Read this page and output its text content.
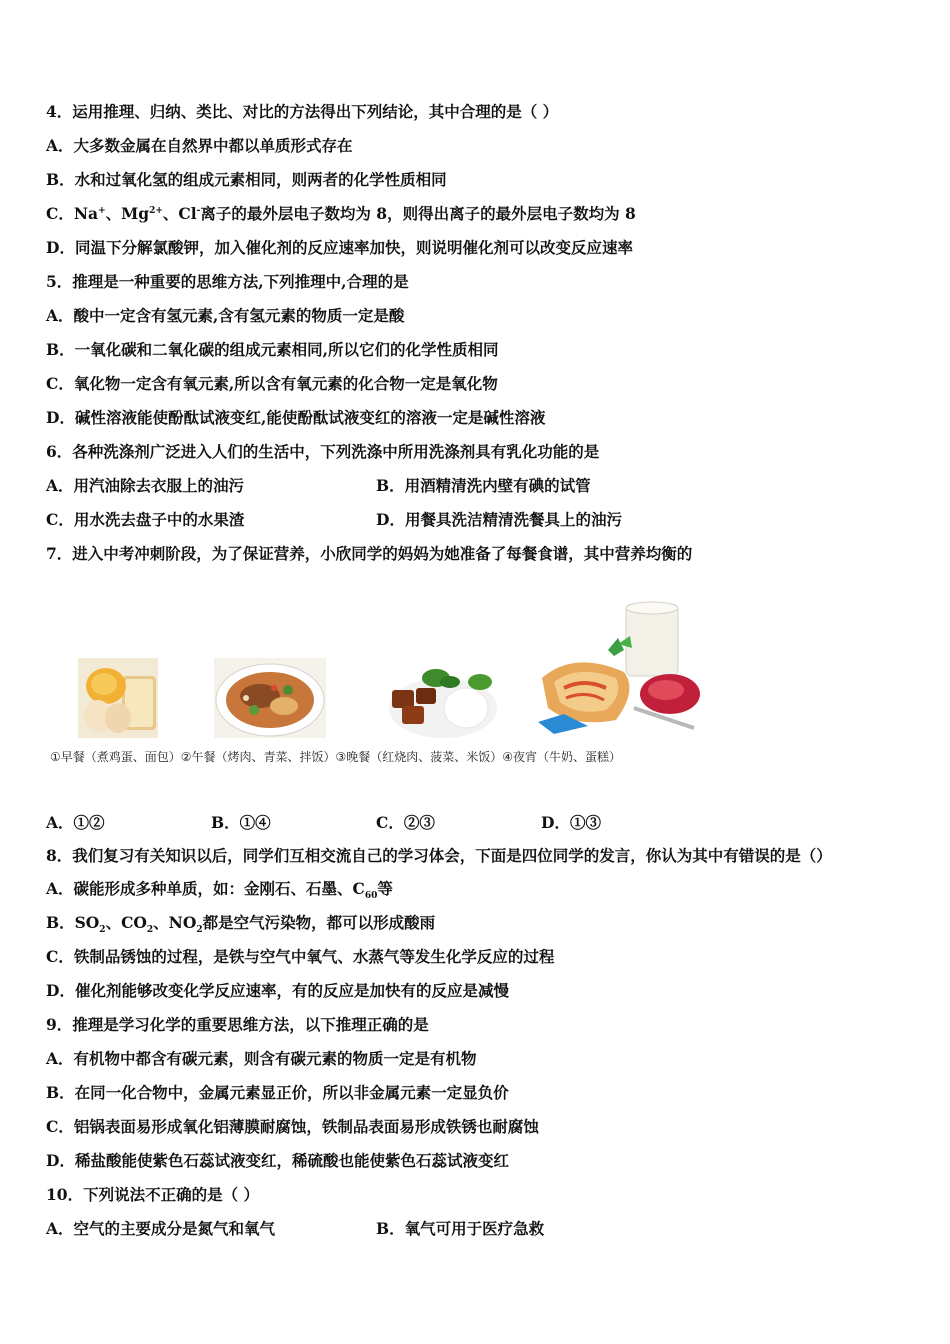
4．运用推理、归纳、类比、对比的方法得出下列结论，其中合理的是（ ）
A．大多数金属在自然界中都以单质形式存在
B．水和过氧化氢的组成元素相同，则两者的化学性质相同
C．Na+、$Mg^{2+}$、Cl-离子的最外层电子数均为 8，则得出离子的最外层电子数均为 8
D．同温下分解氯酸钾，加入催化剂的反应速率加快，则说明催化剂可以改变反应速率
5．推理是一种重要的思维方法,下列推理中,合理的是
A．酸中一定含有氢元素,含有氢元素的物质一定是酸
B．一氧化碳和二氧化碳的组成元素相同,所以它们的化学性质相同
C．氧化物一定含有氧元素,所以含有氧元素的化合物一定是氧化物
D．碱性溶液能使酚酞试液变红,能使酚酞试液变红的溶液一定是碱性溶液
6．各种洗涤剂广泛进入人们的生活中，下列洗涤中所用洗涤剂具有乳化功能的是
A．用汽油除去衣服上的油污	B．用酒精清洗内壁有碘的试管
C．用水洗去盘子中的水果渣	D．用餐具洗洁精清洗餐具上的油污
7．进入中考冲刺阶段，为了保证营养，小欣同学的妈妈为她准备了每餐食谱，其中营养均衡的
①早餐（煮鸡蛋、面包）②午餐（烤肉、青菜、拌饭）③晚餐（红烧肉、菠菜、米饭）④夜宵（牛奶、蛋糕）
A．①②	B．①④	C．②③	D．①③
8．我们复习有关知识以后，同学们互相交流自己的学习体会，下面是四位同学的发言，你认为其中有错误的是（）
A．碳能形成多种单质，如：金刚石、石墨、$C_{60}$等
B．$SO_2$、$CO_2$、$NO_2$都是空气污染物，都可以形成酸雨
C．铁制品锈蚀的过程，是铁与空气中氧气、水蒸气等发生化学反应的过程
D．催化剂能够改变化学反应速率，有的反应是加快有的反应是减慢
9．推理是学习化学的重要思维方法，以下推理正确的是
A．有机物中都含有碳元素，则含有碳元素的物质一定是有机物
B．在同一化合物中，金属元素显正价，所以非金属元素一定显负价
C．铝锅表面易形成氧化铝薄膜耐腐蚀，铁制品表面易形成铁锈也耐腐蚀
D．稀盐酸能使紫色石蕊试液变红，稀硫酸也能使紫色石蕊试液变红
10．下列说法不正确的是（ ）
A．空气的主要成分是氮气和氧气	B．氧气可用于医疗急救
